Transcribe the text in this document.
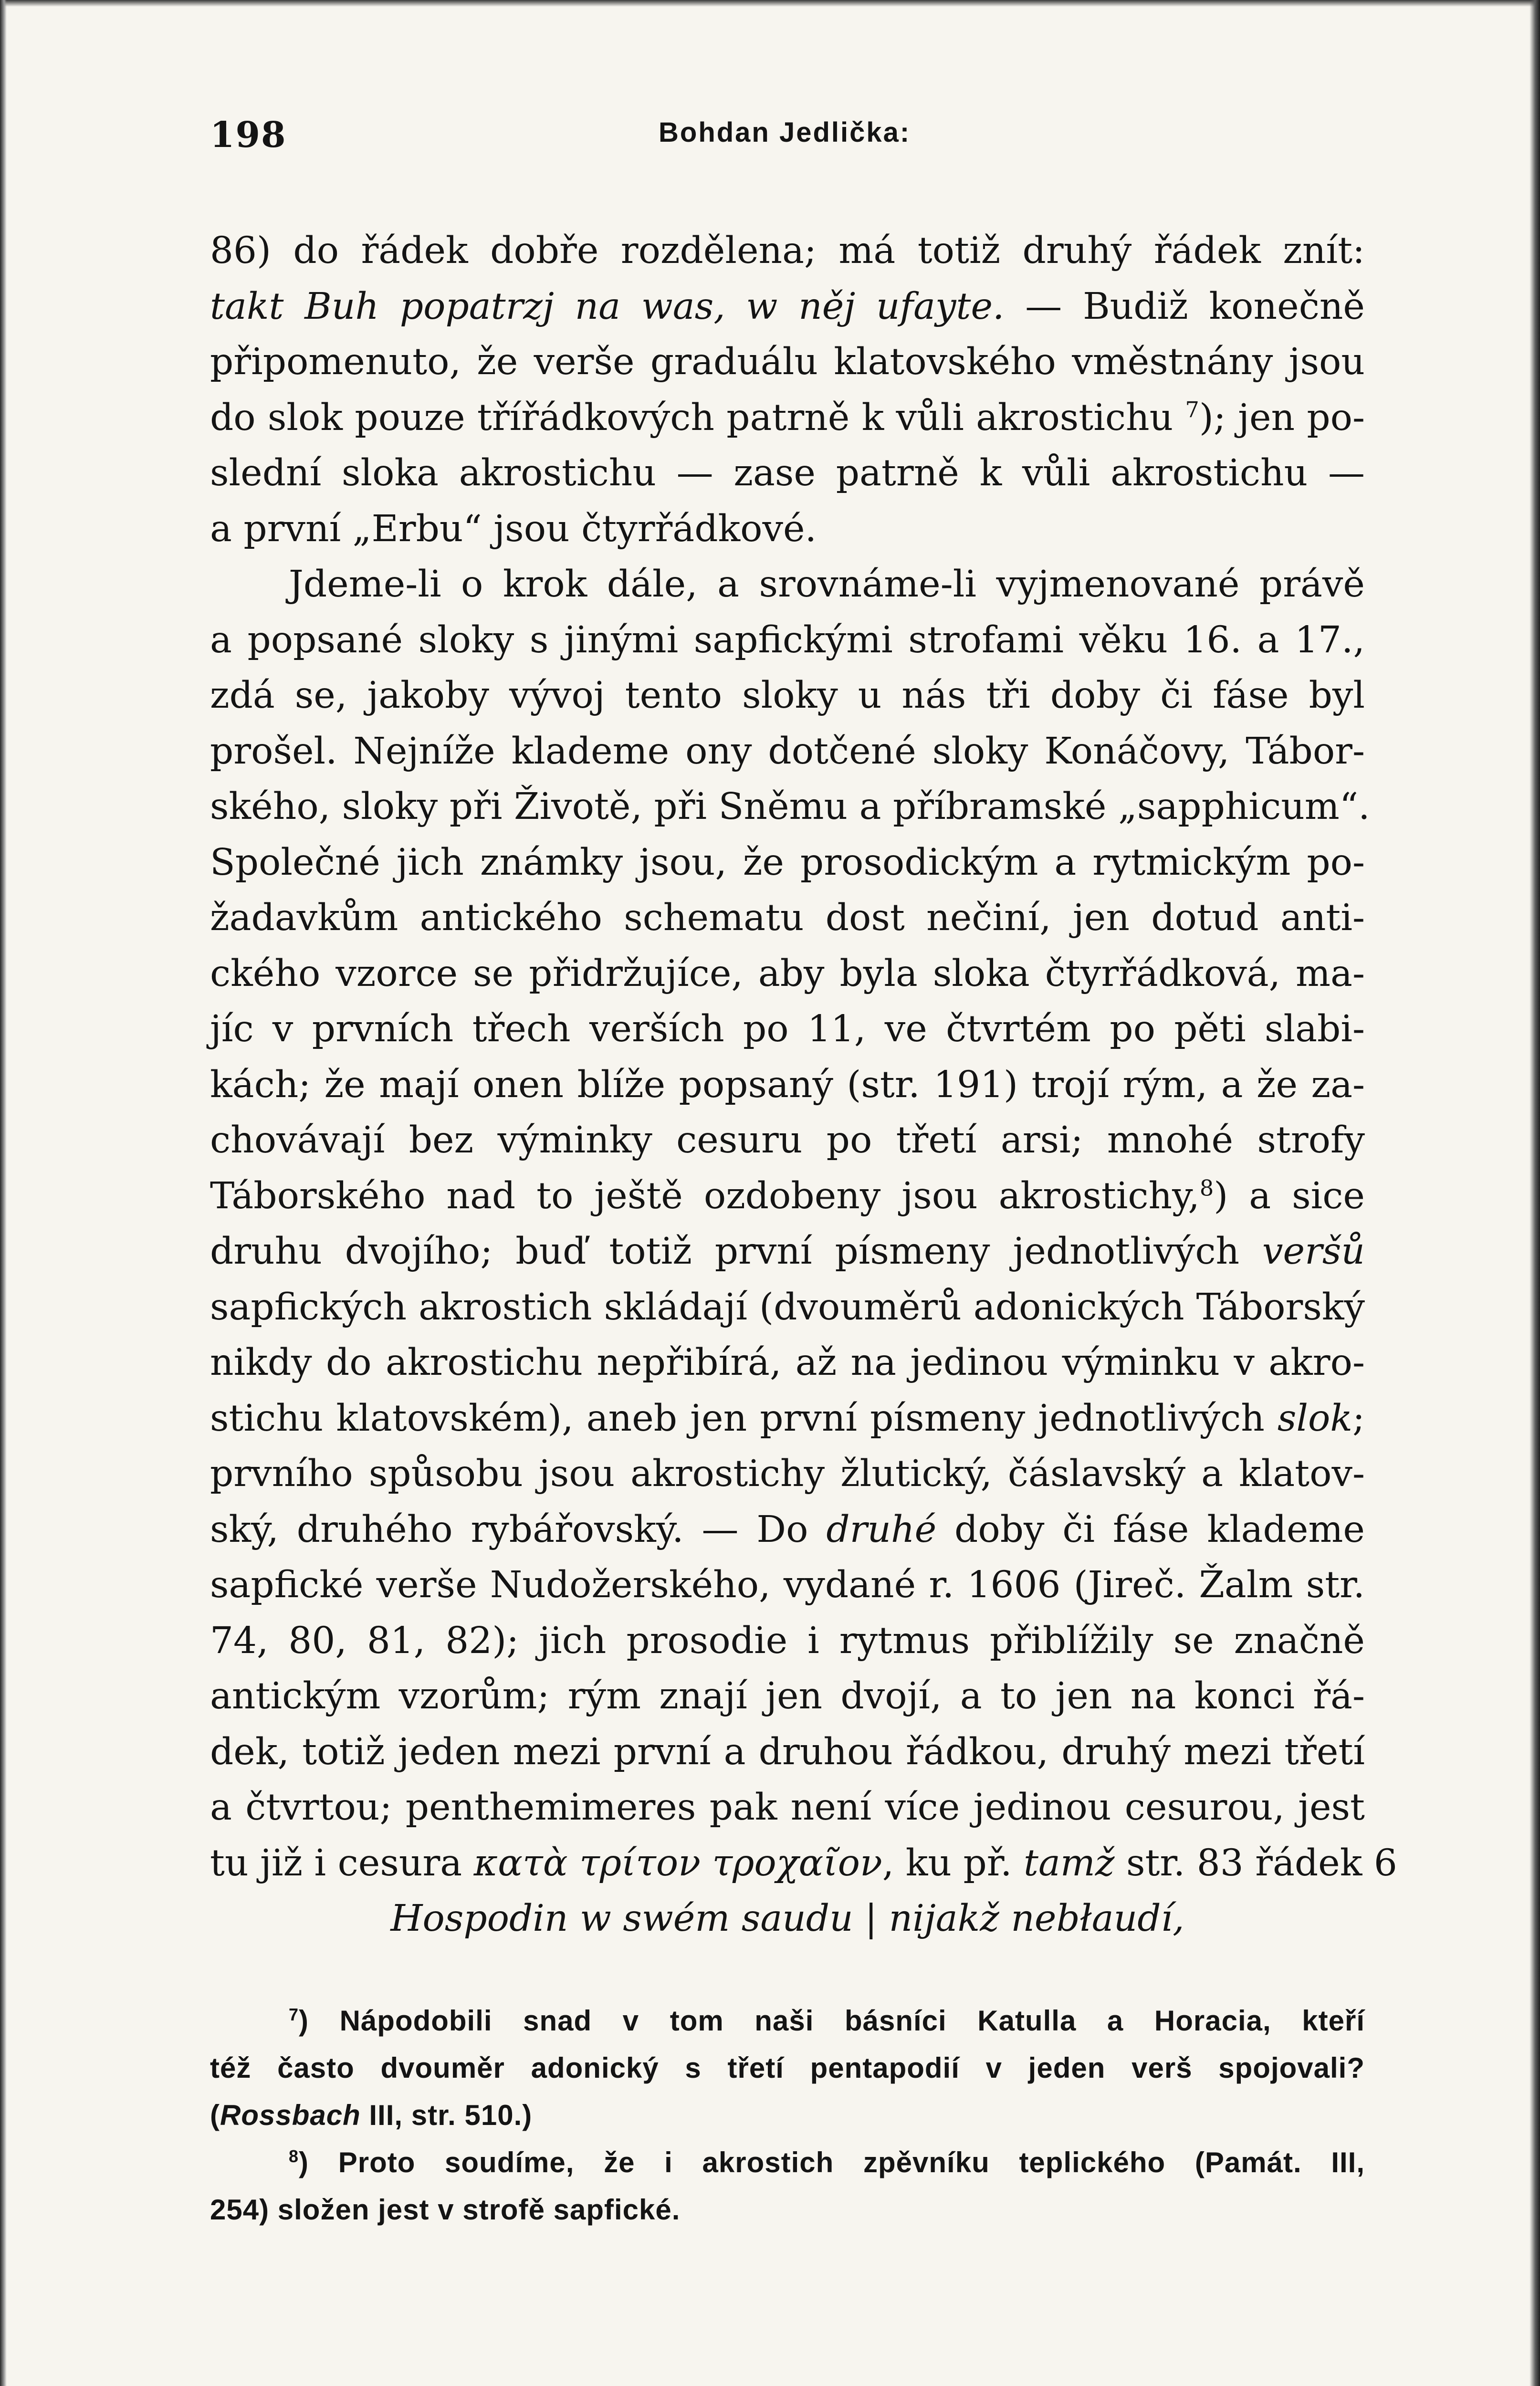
198	Bohdan Jedlička:
86) do řádek dobře rozdělena; má totiž druhý řádek znít:
takt Buh popatrzj na was, w něj ufayte. — Budiž konečně
připomenuto, že verše graduálu klatovského vměstnány jsou
do slok pouze třířádkových patrně k vůli akrostichu $^7$); jen po-
slední sloka akrostichu — zase patrně k vůli akrostichu —
a první „Erbu“ jsou čtyrřádkové.
Jdeme-li o krok dále, a srovnáme-li vyjmenované právě
a popsané sloky s jinými sapfickými strofami věku 16. a 17.,
zdá se, jakoby vývoj tento sloky u nás tři doby či fáse byl
prošel. Nejníže klademe ony dotčené sloky Konáčovy, Tábor-
ského, sloky při Životě, při Sněmu a příbramské „sapphicum“.
Společné jich známky jsou, že prosodickým a rytmickým po-
žadavkům antického schematu dost nečiní, jen dotud anti-
ckého vzorce se přidržujíce, aby byla sloka čtyrřádková, ma-
jíc v prvních třech verších po 11, ve čtvrtém po pěti slabi-
kách; že mají onen blíže popsaný (str. 191) trojí rým, a že za-
chovávají bez výminky cesuru po třetí arsi; mnohé strofy
Táborského nad to ještě ozdobeny jsou akrostichy,$^8$) a sice
druhu dvojího; buď totiž první písmeny jednotlivých veršů
sapfických akrostich skládají (dvouměrů adonických Táborský
nikdy do akrostichu nepřibírá, až na jedinou výminku v akro-
stichu klatovském), aneb jen první písmeny jednotlivých slok;
prvního spůsobu jsou akrostichy žlutický, čáslavský a klatov-
ský, druhého rybářovský. — Do druhé doby či fáse klademe
sapfické verše Nudožerského, vydané r. 1606 (Jireč. Žalm str.
74, 80, 81, 82); jich prosodie i rytmus přiblížily se značně
antickým vzorům; rým znají jen dvojí, a to jen na konci řá-
dek, totiž jeden mezi první a druhou řádkou, druhý mezi třetí
a čtvrtou; penthemimeres pak není více jedinou cesurou, jest
tu již i cesura κατὰ τρίτον τροχαῖον, ku př. tamž str. 83 řádek 6
Hospodin w swém saudu | nijakž nebłaudí,
$^7$) Nápodobili snad v tom naši básníci Katulla a Horacia, kteří
též často dvouměr adonický s třetí pentapodií v jeden verš spojovali?
(Rossbach III, str. 510.)
$^8$) Proto soudíme, že i akrostich zpěvníku teplického (Památ. III,
254) složen jest v strofě sapfické.
